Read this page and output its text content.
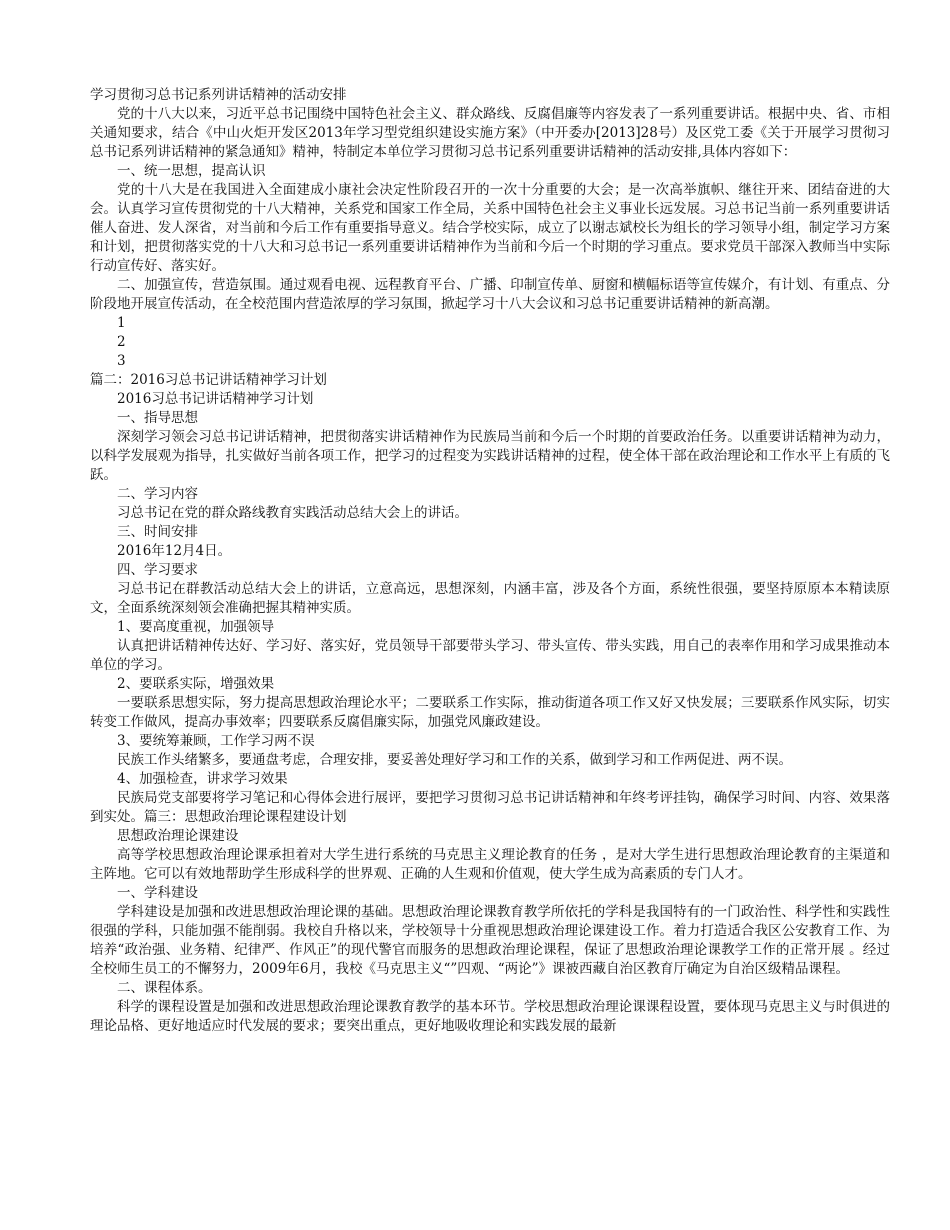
学习贯彻习总书记系列讲话精神的活动安排

党的十八大以来，习近平总书记围绕中国特色社会主义、群众路线、反腐倡廉等内容发表了一系列重要讲话。根据中央、省、市相关通知要求，结合《中山火炬开发区2013年学习型党组织建设实施方案》（中开委办[2013]28号）及区党工委《关于开展学习贯彻习总书记系列讲话精神的紧急通知》精神，特制定本单位学习贯彻习总书记系列重要讲话精神的活动安排,具体内容如下：

一、统一思想，提高认识

党的十八大是在我国进入全面建成小康社会决定性阶段召开的一次十分重要的大会；是一次高举旗帜、继往开来、团结奋进的大会。认真学习宣传贯彻党的十八大精神，关系党和国家工作全局，关系中国特色社会主义事业长远发展。习总书记当前一系列重要讲话催人奋进、发人深省，对当前和今后工作有重要指导意义。结合学校实际，成立了以谢志斌校长为组长的学习领导小组，制定学习方案和计划，把贯彻落实党的十八大和习总书记一系列重要讲话精神作为当前和今后一个时期的学习重点。要求党员干部深入教师当中实际行动宣传好、落实好。

二、加强宣传，营造氛围。通过观看电视、远程教育平台、广播、印制宣传单、厨窗和横幅标语等宣传媒介，有计划、有重点、分阶段地开展宣传活动，在全校范围内营造浓厚的学习氛围，掀起学习十八大会议和习总书记重要讲话精神的新高潮。

1

2

3

篇二：2016习总书记讲话精神学习计划

2016习总书记讲话精神学习计划

一、指导思想

深刻学习领会习总书记讲话精神，把贯彻落实讲话精神作为民族局当前和今后一个时期的首要政治任务。以重要讲话精神为动力，以科学发展观为指导，扎实做好当前各项工作，把学习的过程变为实践讲话精神的过程，使全体干部在政治理论和工作水平上有质的飞跃。

二、学习内容

习总书记在党的群众路线教育实践活动总结大会上的讲话。

三、时间安排

2016年12月4日。

四、学习要求

习总书记在群教活动总结大会上的讲话，立意高远，思想深刻，内涵丰富，涉及各个方面，系统性很强，要坚持原原本本精读原文，全面系统深刻领会准确把握其精神实质。

1、要高度重视，加强领导

认真把讲话精神传达好、学习好、落实好，党员领导干部要带头学习、带头宣传、带头实践，用自己的表率作用和学习成果推动本单位的学习。

2、要联系实际，增强效果

一要联系思想实际，努力提高思想政治理论水平；二要联系工作实际，推动街道各项工作又好又快发展；三要联系作风实际，切实转变工作做风，提高办事效率；四要联系反腐倡廉实际，加强党风廉政建设。

3、要统筹兼顾，工作学习两不误

民族工作头绪繁多，要通盘考虑，合理安排，要妥善处理好学习和工作的关系，做到学习和工作两促进、两不误。

4、加强检查，讲求学习效果

民族局党支部要将学习笔记和心得体会进行展评，要把学习贯彻习总书记讲话精神和年终考评挂钩，确保学习时间、内容、效果落到实处。篇三：思想政治理论课程建设计划

思想政治理论课建设

高等学校思想政治理论课承担着对大学生进行系统的马克思主义理论教育的任务 ，是对大学生进行思想政治理论教育的主渠道和主阵地。它可以有效地帮助学生形成科学的世界观、正确的人生观和价值观，使大学生成为高素质的专门人才。

一、学科建设

学科建设是加强和改进思想政治理论课的基础。思想政治理论课教育教学所依托的学科是我国特有的一门政治性、科学性和实践性很强的学科，只能加强不能削弱。我校自升格以来，学校领导十分重视思想政治理论课建设工作。着力打造适合我区公安教育工作、为培养“政治强、业务精、纪律严、作风正”的现代警官而服务的思想政治理论课程，保证了思想政治理论课教学工作的正常开展 。经过全校师生员工的不懈努力，2009年6月，我校《马克思主义“”四观、“两论”》课被西藏自治区教育厅确定为自治区级精品课程。

二、课程体系。

科学的课程设置是加强和改进思想政治理论课教育教学的基本环节。学校思想政治理论课课程设置，要体现马克思主义与时俱进的理论品格、更好地适应时代发展的要求；要突出重点，更好地吸收理论和实践发展的最新
